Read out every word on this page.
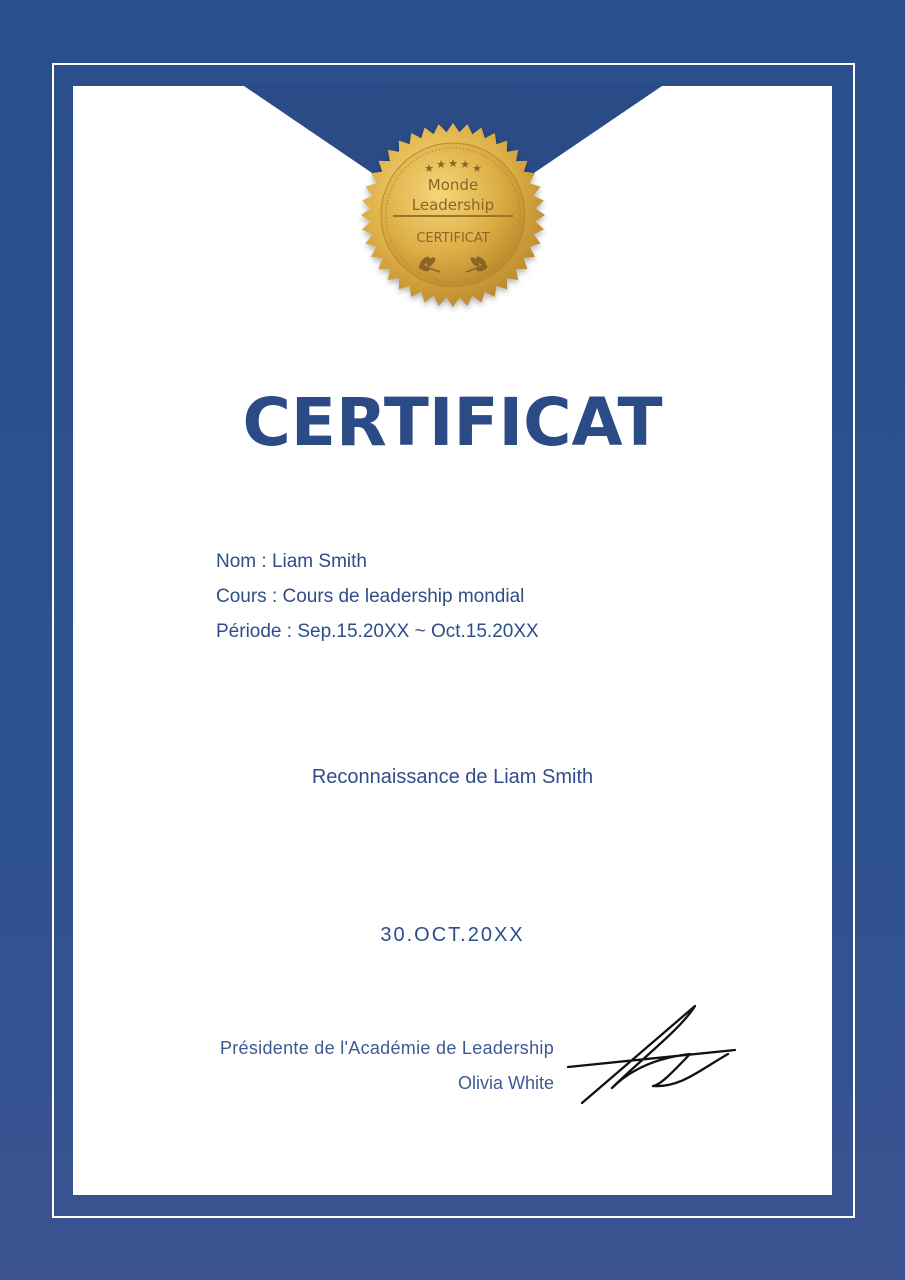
★ ★ ★ ★ ★
Monde
Leadership
CERTIFICAT
CERTIFICAT
Nom : Liam Smith
Cours : Cours de leadership mondial
Période : Sep.15.20XX ~ Oct.15.20XX
Reconnaissance de Liam Smith
30.OCT.20XX
Présidente de l'Académie de Leadership
Olivia White
